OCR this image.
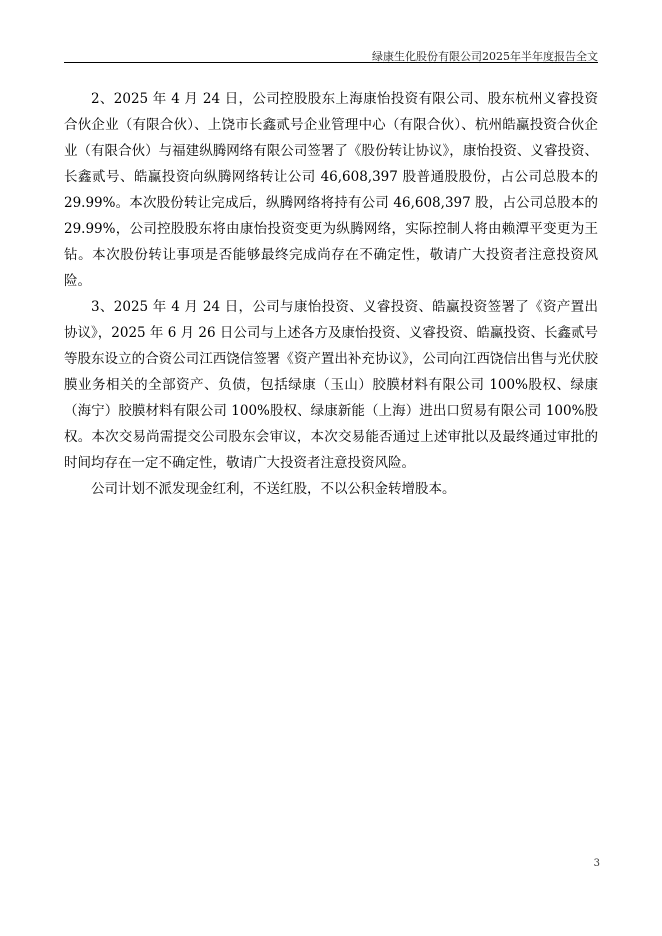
绿康生化股份有限公司2025年半年度报告全文

2、2025 年 4 月 24 日，公司控股股东上海康怡投资有限公司、股东杭州义睿投资合伙企业（有限合伙）、上饶市长鑫贰号企业管理中心（有限合伙）、杭州皓赢投资合伙企业（有限合伙）与福建纵腾网络有限公司签署了《股份转让协议》，康怡投资、义睿投资、长鑫贰号、皓赢投资向纵腾网络转让公司 46,608,397 股普通股股份，占公司总股本的 29.99%。本次股份转让完成后，纵腾网络将持有公司 46,608,397 股，占公司总股本的 29.99%，公司控股股东将由康怡投资变更为纵腾网络，实际控制人将由赖潭平变更为王钻。本次股份转让事项是否能够最终完成尚存在不确定性，敬请广大投资者注意投资风险。

3、2025 年 4 月 24 日，公司与康怡投资、义睿投资、皓赢投资签署了《资产置出协议》，2025 年 6 月 26 日公司与上述各方及康怡投资、义睿投资、皓赢投资、长鑫贰号等股东设立的合资公司江西饶信签署《资产置出补充协议》，公司向江西饶信出售与光伏胶膜业务相关的全部资产、负债，包括绿康（玉山）胶膜材料有限公司 100%股权、绿康（海宁）胶膜材料有限公司 100%股权、绿康新能（上海）进出口贸易有限公司 100%股权。本次交易尚需提交公司股东会审议，本次交易能否通过上述审批以及最终通过审批的时间均存在一定不确定性，敬请广大投资者注意投资风险。

公司计划不派发现金红利，不送红股，不以公积金转增股本。

3
